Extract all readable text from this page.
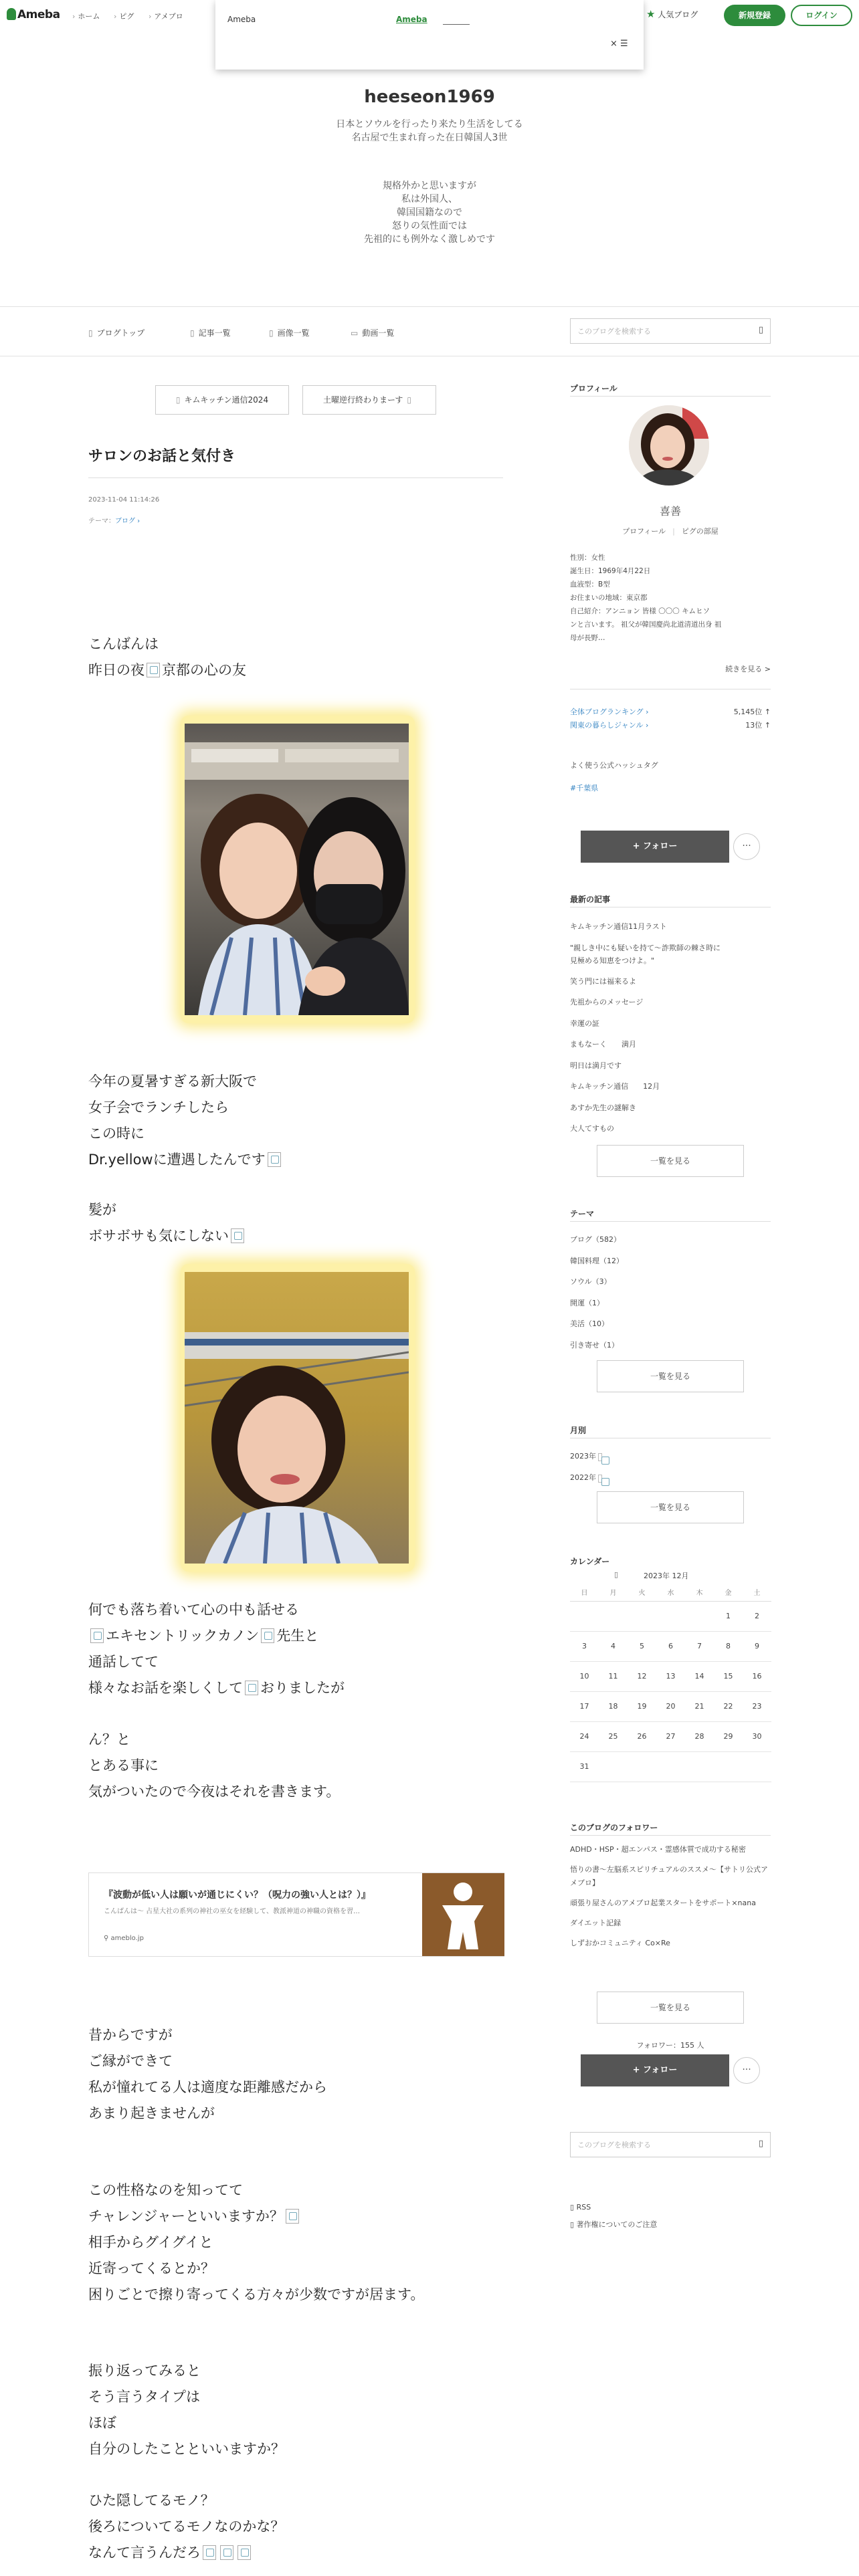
Ameba	› ホーム	› ピグ	› アメブロ	★ 人気ブログ	新規登録	ログイン
Ameba	Ameba
× ☰
heeseon1969
日本とソウルを行ったり来たり生活をしてる
名古屋で生まれ育った在日韓国人3世
規格外かと思いますが
私は外国人、
韓国国籍なので
怒りの気性面では
先祖的にも例外なく激しめです
▯ ブログトップ	▯ 記事一覧	▯ 画像一覧	▭ 動画一覧	このブログを検索する	▯
▯ キムキッチン通信2024	土曜逆行終わりまーす ▯
サロンのお話と気付き
2023-11-04 11:14:26
テーマ：ブログ ›
こんばんは
昨日の夜 京都の心の友
今年の夏暑すぎる新大阪で
女子会でランチしたら
この時に
Dr.yellowに遭遇したんです
髪が
ボサボサも気にしない
何でも落ち着いて心の中も話せる
エキセントリックカノン 先生と
通話してて
様々なお話を楽しくして おりましたが
ん？と
とある事に
気がついたので今夜はそれを書きます。
『波動が低い人は願いが通じにくい？（呪力の強い人とは？）』
こんばんは〜 占星大社の系列の神社の巫女を経験して、教派神道の神職の資格を習…
⚲ ameblo.jp
昔からですが
ご縁ができて
私が憧れてる人は適度な距離感だから
あまり起きませんが
この性格なのを知ってて
チャレンジャーといいますか？
相手からグイグイと
近寄ってくるとか？
困りごとで擦り寄ってくる方々が少数ですが居ます。
振り返ってみると
そう言うタイプは
ほぼ
自分のしたことといいますか？
ひた隠してるモノ？
後ろについてるモノなのかな？
なんて言うんだろ
プロフィール
喜善
プロフィール | ピグの部屋
性別：女性
誕生日：1969年4月22日
血液型：B型
お住まいの地域：東京都
自己紹介：アンニョン 皆様 〇〇〇 キムヒソ
ンと言います。 祖父が韓国慶尚北道清道出身 祖
母が長野…
続きを見る >
全体ブログランキング ›	5,145位 ↑
関東の暮らしジャンル ›	13位 ↑
よく使う公式ハッシュタグ
#千葉県
+ フォロー	···
最新の記事
キムキッチン通信11月ラスト
"親しき中にも疑いを持て〜詐欺師の棘さ時に
見極める知恵をつけよ。"
笑う門には福来るよ
先祖からのメッセージ
幸運の証
まもなーく　　満月
明日は満月です
キムキッチン通信　　12月
あすか先生の謎解き
大人てすもの
一覧を見る
テーマ
ブログ（582）
韓国料理（12）
ソウル（3）
開運（1）
美活（10）
引き寄せ（1）
一覧を見る
月別
2023年
2022年
一覧を見る
カレンダー
▯	2023年 12月
日	月	火	水	木	金	土
					1	2
3	4	5	6	7	8	9
10	11	12	13	14	15	16
17	18	19	20	21	22	23
24	25	26	27	28	29	30
31						
このブログのフォロワー
ADHD・HSP・超エンパス・霊感体質で成功する秘密
悟りの書〜左脳系スピリチュアルのススメ〜【サトリ公式アメブロ】
頑張り屋さんのアメブロ起業スタートをサポート×nana
ダイエット記録
しずおかコミュニティ Co×Re
一覧を見る
フォロワー：155 人
+ フォロー	···
このブログを検索する	▯
▯ RSS
▯ 著作権についてのご注意
